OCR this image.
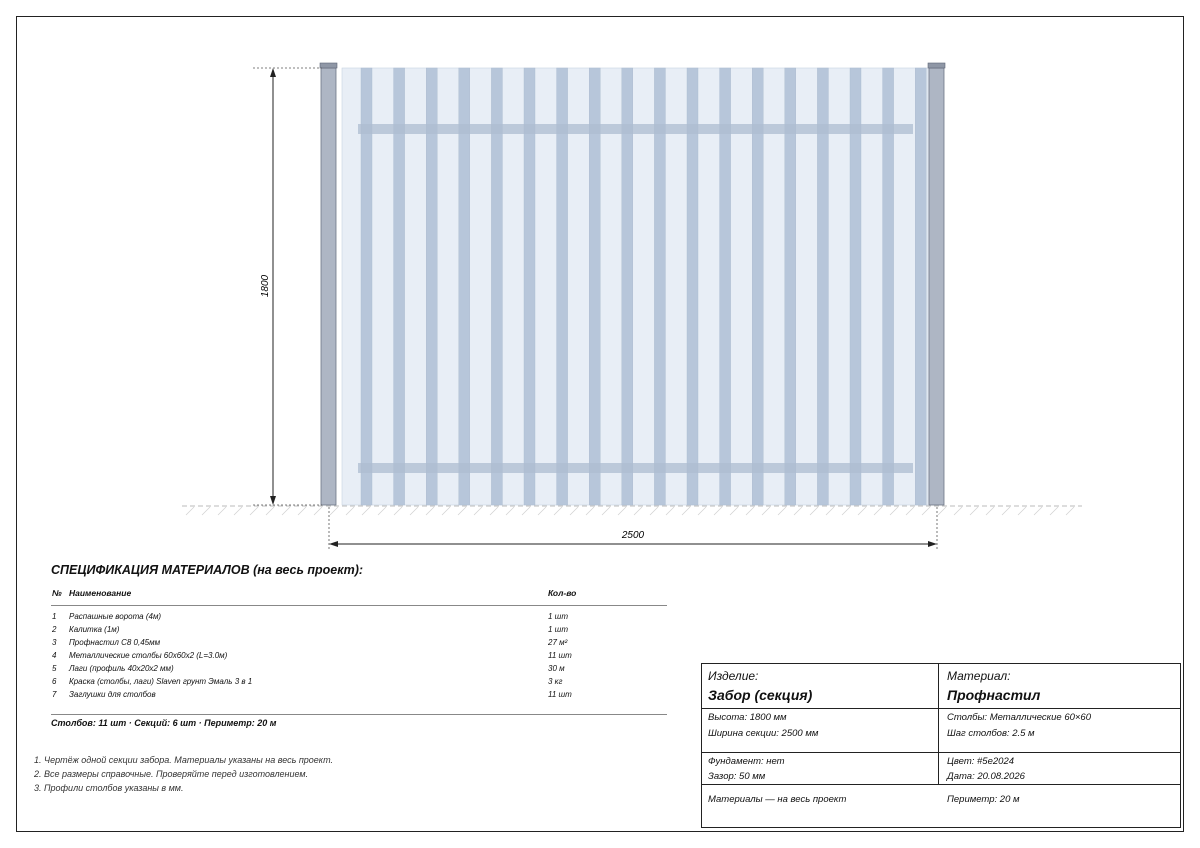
1800
2500
СПЕЦИФИКАЦИЯ МАТЕРИАЛОВ (на весь проект):
№ Наименование	Кол-во
1 Распашные ворота (4м)	1 шт
2 Калитка (1м)	1 шт
3 Профнастил С8 0,45мм	27 м²
4 Металлические столбы 60х60х2 (L=3.0м)	11 шт
5 Лаги (профиль 40х20х2 мм)	30 м
6 Краска (столбы, лаги) Slaven грунт Эмаль 3 в 1	3 кг
7 Заглушки для столбов	11 шт
Столбов: 11 шт · Секций: 6 шт · Периметр: 20 м
1. Чертёж одной секции забора. Материалы указаны на весь проект.
2. Все размеры справочные. Проверяйте перед изготовлением.
3. Профили столбов указаны в мм.
Изделие:
Забор (секция)
Материал:
Профнастил
Высота: 1800 мм
Ширина секции: 2500 мм
Столбы: Металлические 60×60
Шаг столбов: 2.5 м
Фундамент: нет
Зазор: 50 мм
Цвет: #5e2024
Дата: 20.08.2026
Материалы — на весь проект	Периметр: 20 м
